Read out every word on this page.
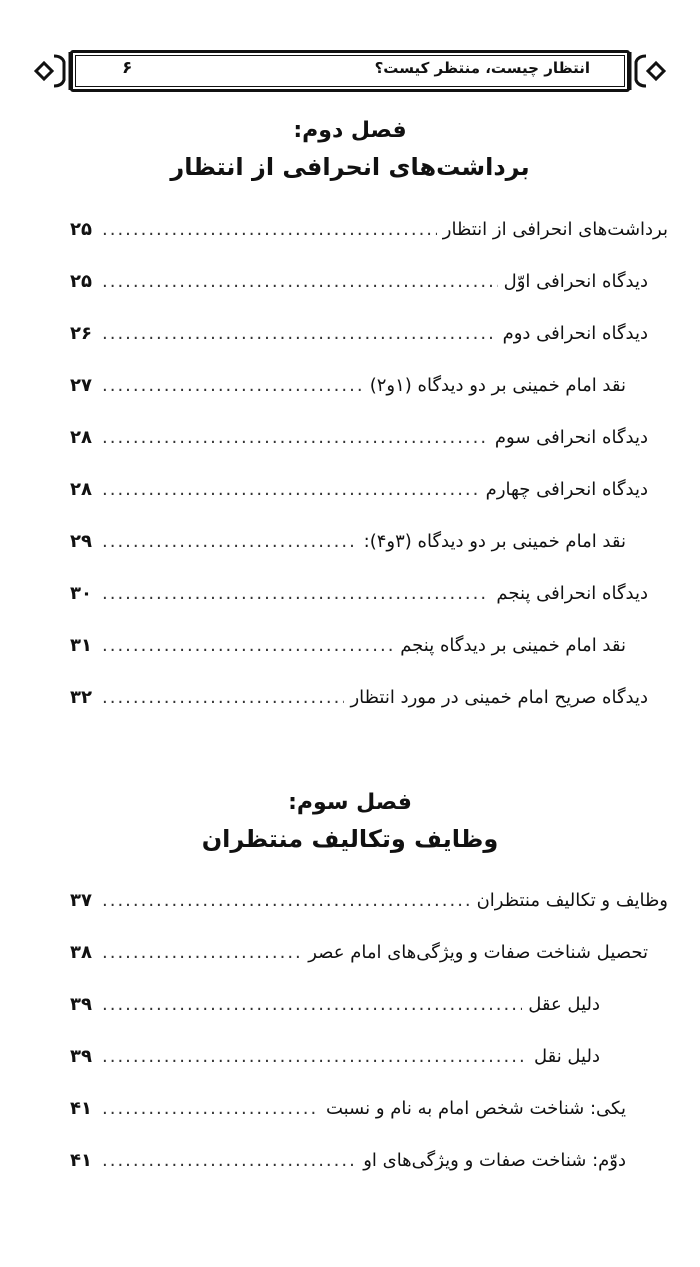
۶	انتظار چیست، منتظر کیست؟
فصل دوم:
برداشت‌های انحرافی از انتظار
برداشت‌های انحرافی از انتظار
.....
۲۵
دیدگاه انحرافی اوّل
.....
۲۵
دیدگاه انحرافی دوم
.....
۲۶
نقد امام خمینی بر دو دیدگاه (۱و۲)
.....
۲۷
دیدگاه انحرافی سوم
.....
۲۸
دیدگاه انحرافی چهارم
.....
۲۸
نقد امام خمینی بر دو دیدگاه (۳و۴):
.....
۲۹
دیدگاه انحرافی پنجم
.....
۳۰
نقد امام خمینی بر دیدگاه پنجم
.....
۳۱
دیدگاه صریح امام خمینی در مورد انتظار
.....
۳۲
فصل سوم:
وظایف وتکالیف منتظران
وظایف و تکالیف منتظران
.....
۳۷
تحصیل شناخت صفات و ویژگی‌های امام عصر
.....
۳۸
دلیل عقل
.....
۳۹
دلیل نقل
.....
۳۹
یکی: شناخت شخص امام به نام و نسبت
.....
۴۱
دوّم: شناخت صفات و ویژگی‌های او
.....
۴۱
